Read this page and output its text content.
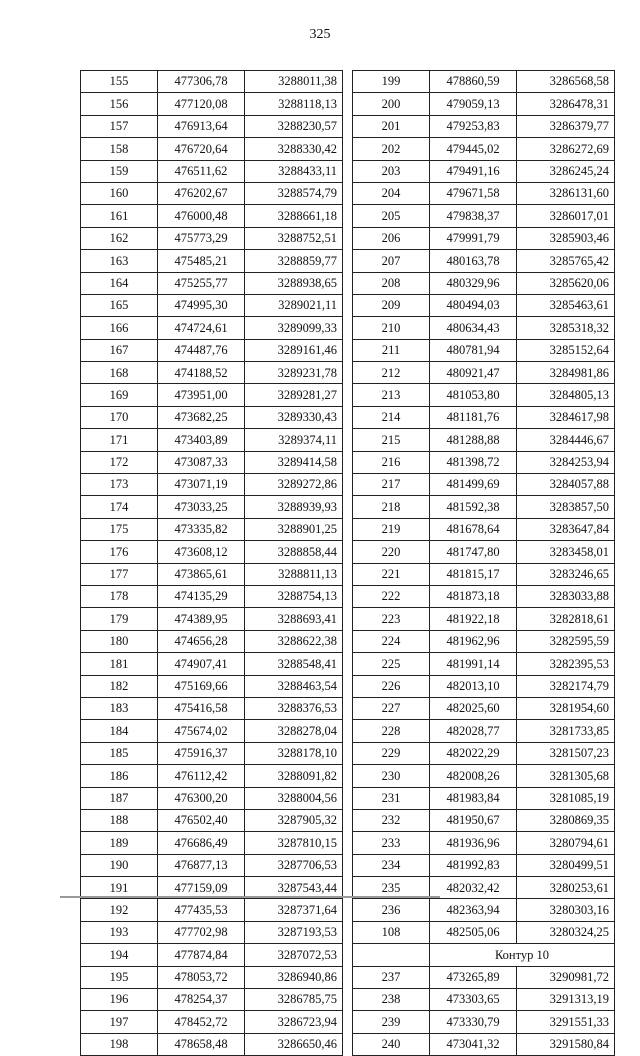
325
155	477306,78	3288011,38
156	477120,08	3288118,13
157	476913,64	3288230,57
158	476720,64	3288330,42
159	476511,62	3288433,11
160	476202,67	3288574,79
161	476000,48	3288661,18
162	475773,29	3288752,51
163	475485,21	3288859,77
164	475255,77	3288938,65
165	474995,30	3289021,11
166	474724,61	3289099,33
167	474487,76	3289161,46
168	474188,52	3289231,78
169	473951,00	3289281,27
170	473682,25	3289330,43
171	473403,89	3289374,11
172	473087,33	3289414,58
173	473071,19	3289272,86
174	473033,25	3288939,93
175	473335,82	3288901,25
176	473608,12	3288858,44
177	473865,61	3288811,13
178	474135,29	3288754,13
179	474389,95	3288693,41
180	474656,28	3288622,38
181	474907,41	3288548,41
182	475169,66	3288463,54
183	475416,58	3288376,53
184	475674,02	3288278,04
185	475916,37	3288178,10
186	476112,42	3288091,82
187	476300,20	3288004,56
188	476502,40	3287905,32
189	476686,49	3287810,15
190	476877,13	3287706,53
191	477159,09	3287543,44
192	477435,53	3287371,64
193	477702,98	3287193,53
194	477874,84	3287072,53
195	478053,72	3286940,86
196	478254,37	3286785,75
197	478452,72	3286723,94
198	478658,48	3286650,46
199	478860,59	3286568,58
200	479059,13	3286478,31
201	479253,83	3286379,77
202	479445,02	3286272,69
203	479491,16	3286245,24
204	479671,58	3286131,60
205	479838,37	3286017,01
206	479991,79	3285903,46
207	480163,78	3285765,42
208	480329,96	3285620,06
209	480494,03	3285463,61
210	480634,43	3285318,32
211	480781,94	3285152,64
212	480921,47	3284981,86
213	481053,80	3284805,13
214	481181,76	3284617,98
215	481288,88	3284446,67
216	481398,72	3284253,94
217	481499,69	3284057,88
218	481592,38	3283857,50
219	481678,64	3283647,84
220	481747,80	3283458,01
221	481815,17	3283246,65
222	481873,18	3283033,88
223	481922,18	3282818,61
224	481962,96	3282595,59
225	481991,14	3282395,53
226	482013,10	3282174,79
227	482025,60	3281954,60
228	482028,77	3281733,85
229	482022,29	3281507,23
230	482008,26	3281305,68
231	481983,84	3281085,19
232	481950,67	3280869,35
233	481936,96	3280794,61
234	481992,83	3280499,51
235	482032,42	3280253,61
236	482363,94	3280303,16
108	482505,06	3280324,25
	Контур 10	
237	473265,89	3290981,72
238	473303,65	3291313,19
239	473330,79	3291551,33
240	473041,32	3291580,84
